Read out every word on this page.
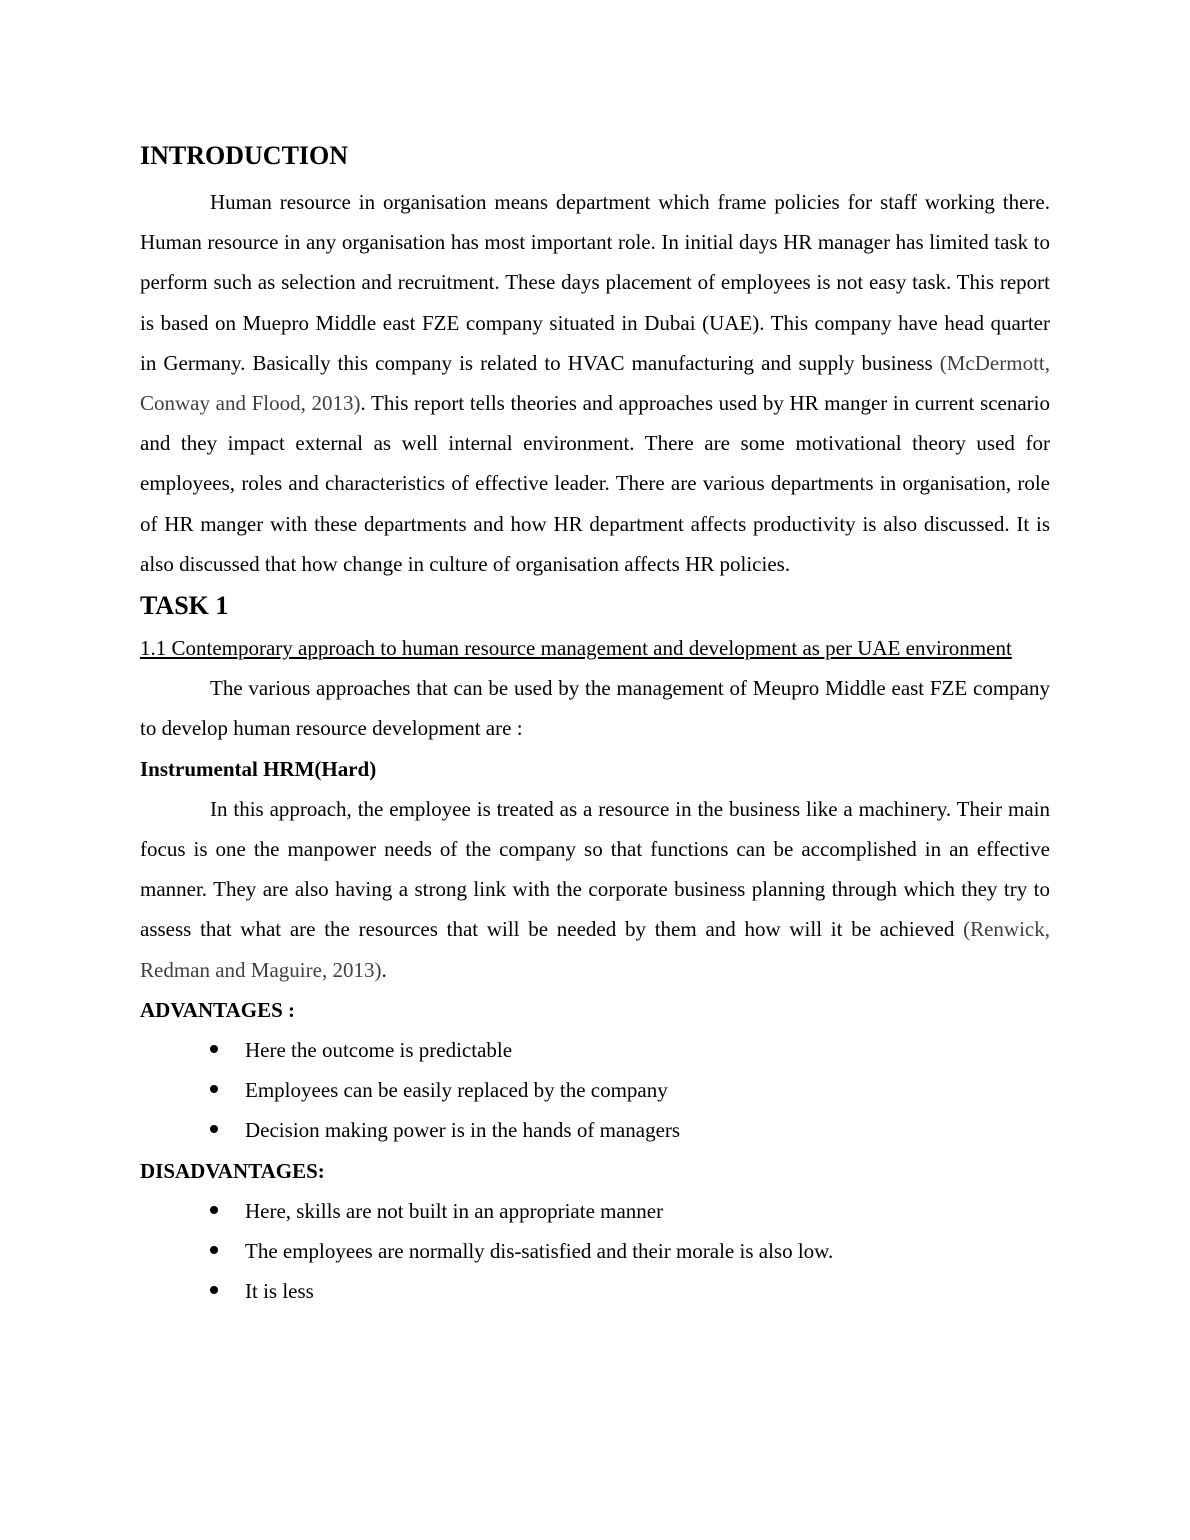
INTRODUCTION

Human resource in organisation means department which frame policies for staff working there. Human resource in any organisation has most important role. In initial days HR manager has limited task to perform such as selection and recruitment. These days placement of employees is not easy task. This report is based on Muepro Middle east FZE company situated in Dubai (UAE). This company have head quarter in Germany. Basically this company is related to HVAC manufacturing and supply business (McDermott, Conway and Flood, 2013). This report tells theories and approaches used by HR manger in current scenario and they impact external as well internal environment. There are some motivational theory used for employees, roles and characteristics of effective leader. There are various departments in organisation, role of HR manger with these departments and how HR department affects productivity is also discussed. It is also discussed that how change in culture of organisation affects HR policies.

TASK 1

1.1 Contemporary approach to human resource management and development as per UAE environment

The various approaches that can be used by the management of Meupro Middle east FZE company to develop human resource development are :

Instrumental HRM(Hard)

In this approach, the employee is treated as a resource in the business like a machinery. Their main focus is one the manpower needs of the company so that functions can be accomplished in an effective manner. They are also having a strong link with the corporate business planning through which they try to assess that what are the resources that will be needed by them and how will it be achieved (Renwick, Redman and Maguire, 2013).

ADVANTAGES :

Here the outcome is predictable
Employees can be easily replaced by the company
Decision making power is in the hands of managers

DISADVANTAGES:

Here, skills are not built in an appropriate manner
The employees are normally dis-satisfied and their morale is also low.
It is less
